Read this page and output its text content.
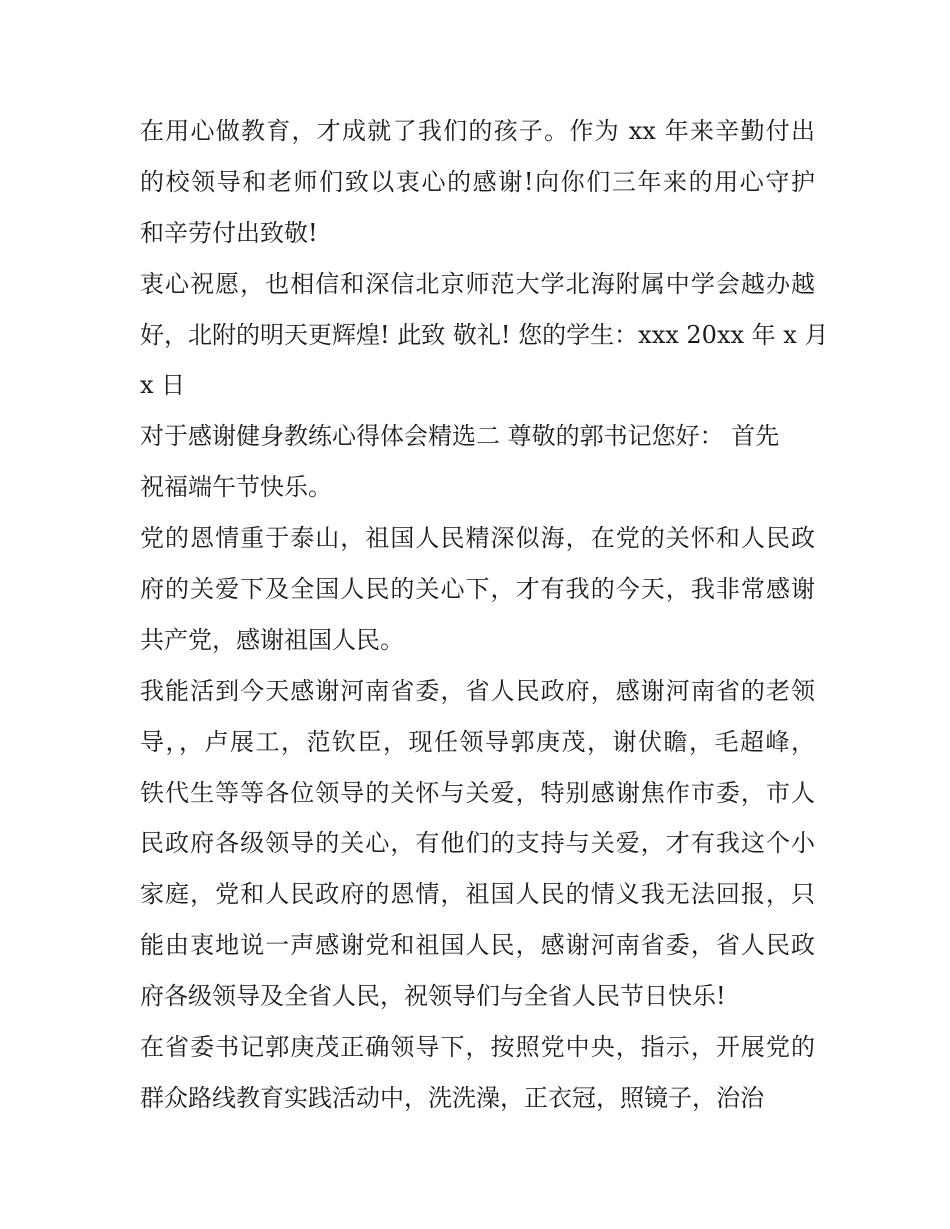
在用心做教育，才成就了我们的孩子。作为 xx 年来辛勤付出
的校领导和老师们致以衷心的感谢!向你们三年来的用心守护
和辛劳付出致敬!
衷心祝愿，也相信和深信北京师范大学北海附属中学会越办越
好，北附的明天更辉煌! 此致 敬礼! 您的学生：xxx 20xx 年 x 月
x 日
对于感谢健身教练心得体会精选二 尊敬的郭书记您好： 首先
祝福端午节快乐。
党的恩情重于泰山，祖国人民精深似海，在党的关怀和人民政
府的关爱下及全国人民的关心下，才有我的今天，我非常感谢
共产党，感谢祖国人民。
我能活到今天感谢河南省委，省人民政府，感谢河南省的老领
导，，卢展工，范钦臣，现任领导郭庚茂，谢伏瞻，毛超峰，
铁代生等等各位领导的关怀与关爱，特别感谢焦作市委，市人
民政府各级领导的关心，有他们的支持与关爱，才有我这个小
家庭，党和人民政府的恩情，祖国人民的情义我无法回报，只
能由衷地说一声感谢党和祖国人民，感谢河南省委，省人民政
府各级领导及全省人民，祝领导们与全省人民节日快乐!
在省委书记郭庚茂正确领导下，按照党中央，指示，开展党的
群众路线教育实践活动中，洗洗澡，正衣冠，照镜子，治治
